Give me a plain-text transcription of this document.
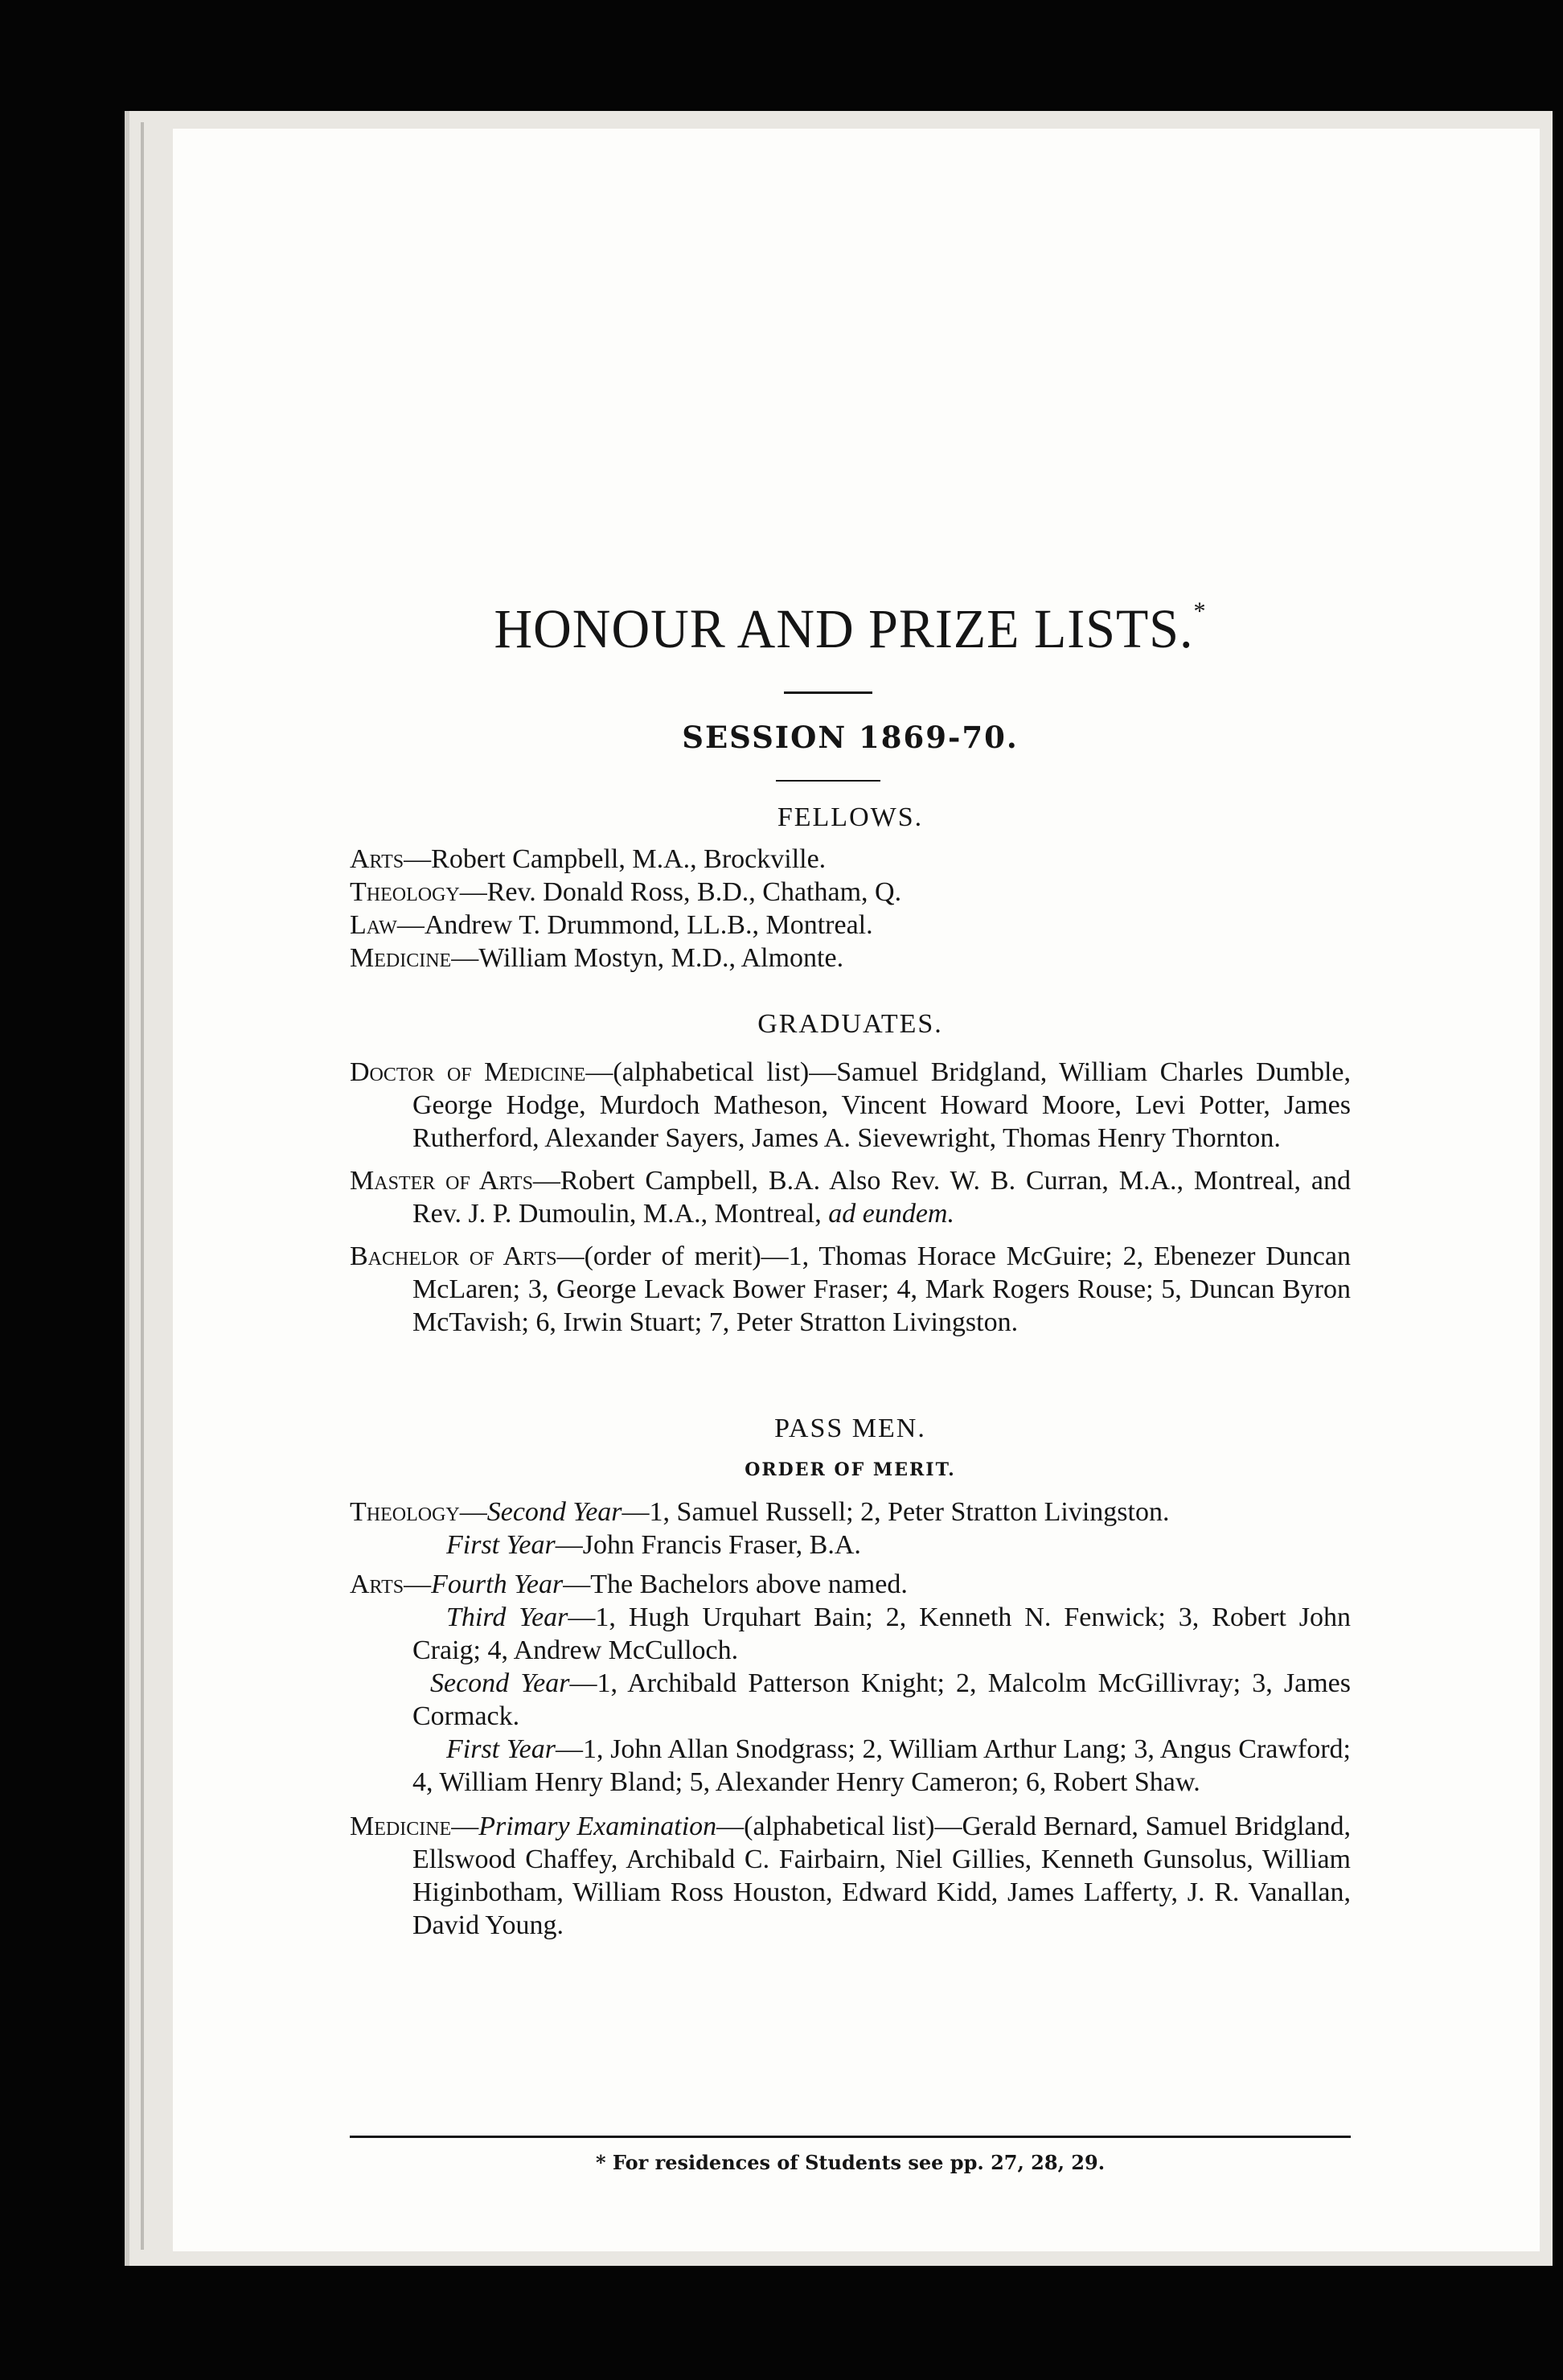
HONOUR AND PRIZE LISTS.*
SESSION 1869-70.
FELLOWS.

Arts—Robert Campbell, M.A., Brockville.

Theology—Rev. Donald Ross, B.D., Chatham, Q.

Law—Andrew T. Drummond, LL.B., Montreal.

Medicine—William Mostyn, M.D., Almonte.

GRADUATES.

Doctor of Medicine—(alphabetical list)—Samuel Bridgland, William Charles Dumble, George Hodge, Murdoch Matheson, Vincent Howard Moore, Levi Potter, James Rutherford, Alexander Sayers, James A. Sievewright, Thomas Henry Thornton.

Master of Arts—Robert Campbell, B.A. Also Rev. W. B. Curran, M.A., Montreal, and Rev. J. P. Dumoulin, M.A., Montreal, ad eundem.

Bachelor of Arts—(order of merit)—1, Thomas Horace McGuire; 2, Ebenezer Duncan McLaren; 3, George Levack Bower Fraser; 4, Mark Rogers Rouse; 5, Duncan Byron McTavish; 6, Irwin Stuart; 7, Peter Stratton Livingston.

PASS MEN.
ORDER OF MERIT.

Theology—Second Year—1, Samuel Russell; 2, Peter Stratton Livingston.

First Year—John Francis Fraser, B.A.

Arts—Fourth Year—The Bachelors above named.

Third Year—1, Hugh Urquhart Bain; 2, Kenneth N. Fenwick; 3, Robert John Craig; 4, Andrew McCulloch.

Second Year—1, Archibald Patterson Knight; 2, Malcolm McGillivray; 3, James Cormack.

First Year—1, John Allan Snodgrass; 2, William Arthur Lang; 3, Angus Crawford; 4, William Henry Bland; 5, Alexander Henry Cameron; 6, Robert Shaw.

Medicine—Primary Examination—(alphabetical list)—Gerald Bernard, Samuel Bridgland, Ellswood Chaffey, Archibald C. Fairbairn, Niel Gillies, Kenneth Gunsolus, William Higinbotham, William Ross Houston, Edward Kidd, James Lafferty, J. R. Vanallan, David Young.

* For residences of Students see pp. 27, 28, 29.
